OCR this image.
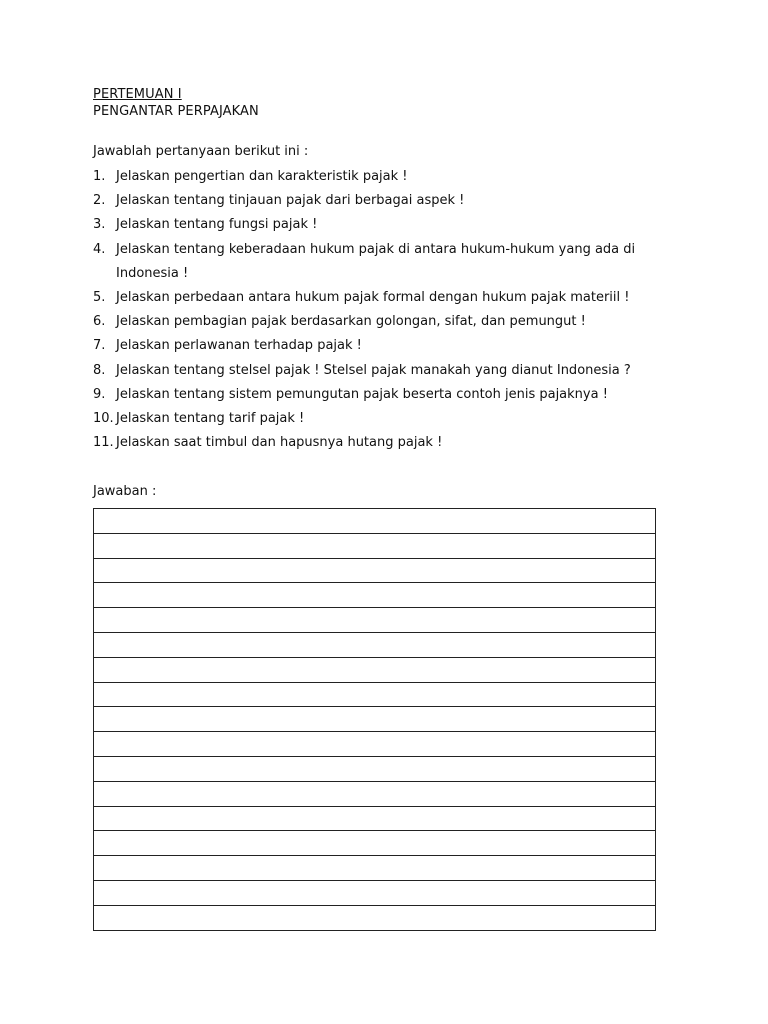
PERTEMUAN I
PENGANTAR PERPAJAKAN
Jawablah pertanyaan berikut ini :
1. Jelaskan pengertian dan karakteristik pajak !
2. Jelaskan tentang tinjauan pajak dari berbagai aspek !
3. Jelaskan tentang fungsi pajak !
4. Jelaskan tentang keberadaan hukum pajak di antara hukum-hukum yang ada di Indonesia !
5. Jelaskan perbedaan antara hukum pajak formal dengan hukum pajak materiil !
6. Jelaskan pembagian pajak berdasarkan golongan, sifat, dan pemungut !
7. Jelaskan perlawanan terhadap pajak !
8. Jelaskan tentang stelsel pajak ! Stelsel pajak manakah yang dianut Indonesia ?
9. Jelaskan tentang sistem pemungutan pajak beserta contoh jenis pajaknya !
10. Jelaskan tentang tarif pajak !
11. Jelaskan saat timbul dan hapusnya hutang pajak !
Jawaban :
